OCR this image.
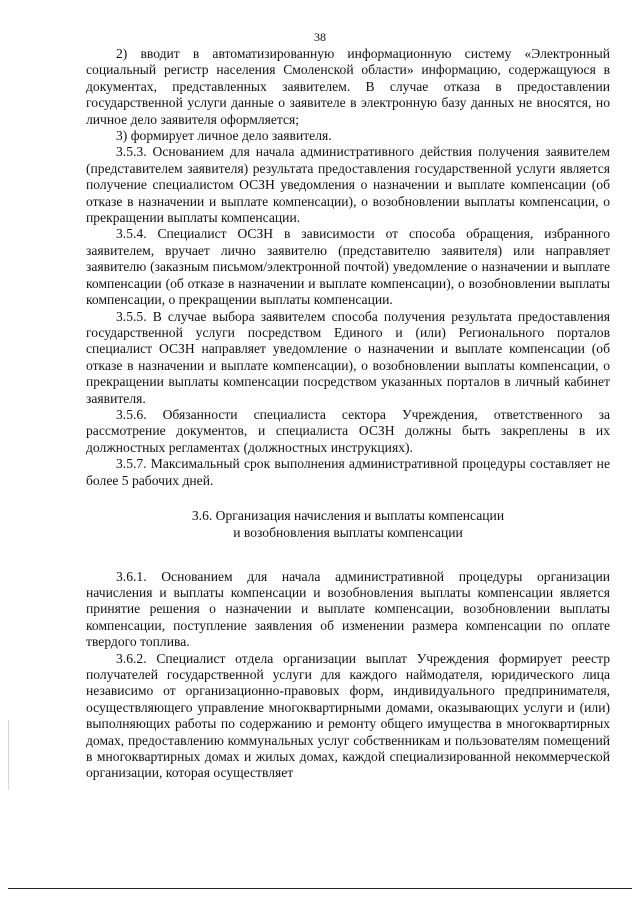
38

2) вводит в автоматизированную информационную систему «Электронный социальный регистр населения Смоленской области» информацию, содержащуюся в документах, представленных заявителем. В случае отказа в предоставлении государственной услуги данные о заявителе в электронную базу данных не вносятся, но личное дело заявителя оформляется;

3) формирует личное дело заявителя.

3.5.3. Основанием для начала административного действия получения заявителем (представителем заявителя) результата предоставления государственной услуги является получение специалистом ОСЗН уведомления о назначении и выплате компенсации (об отказе в назначении и выплате компенсации), о возобновлении выплаты компенсации, о прекращении выплаты компенсации.

3.5.4. Специалист ОСЗН в зависимости от способа обращения, избранного заявителем, вручает лично заявителю (представителю заявителя) или направляет заявителю (заказным письмом/электронной почтой) уведомление о назначении и выплате компенсации (об отказе в назначении и выплате компенсации), о возобновлении выплаты компенсации, о прекращении выплаты компенсации.

3.5.5. В случае выбора заявителем способа получения результата предоставления государственной услуги посредством Единого и (или) Регионального порталов специалист ОСЗН направляет уведомление о назначении и выплате компенсации (об отказе в назначении и выплате компенсации), о возобновлении выплаты компенсации, о прекращении выплаты компенсации посредством указанных порталов в личный кабинет заявителя.

3.5.6. Обязанности специалиста сектора Учреждения, ответственного за рассмотрение документов, и специалиста ОСЗН должны быть закреплены в их должностных регламентах (должностных инструкциях).

3.5.7. Максимальный срок выполнения административной процедуры составляет не более 5 рабочих дней.

3.6. Организация начисления и выплаты компенсации
и возобновления выплаты компенсации

3.6.1. Основанием для начала административной процедуры организации начисления и выплаты компенсации и возобновления выплаты компенсации является принятие решения о назначении и выплате компенсации, возобновлении выплаты компенсации, поступление заявления об изменении размера компенсации по оплате твердого топлива.

3.6.2. Специалист отдела организации выплат Учреждения формирует реестр получателей государственной услуги для каждого наймодателя, юридического лица независимо от организационно-правовых форм, индивидуального предпринимателя, осуществляющего управление многоквартирными домами, оказывающих услуги и (или) выполняющих работы по содержанию и ремонту общего имущества в многоквартирных домах, предоставлению коммунальных услуг собственникам и пользователям помещений в многоквартирных домах и жилых домах, каждой специализированной некоммерческой организации, которая осуществляет
